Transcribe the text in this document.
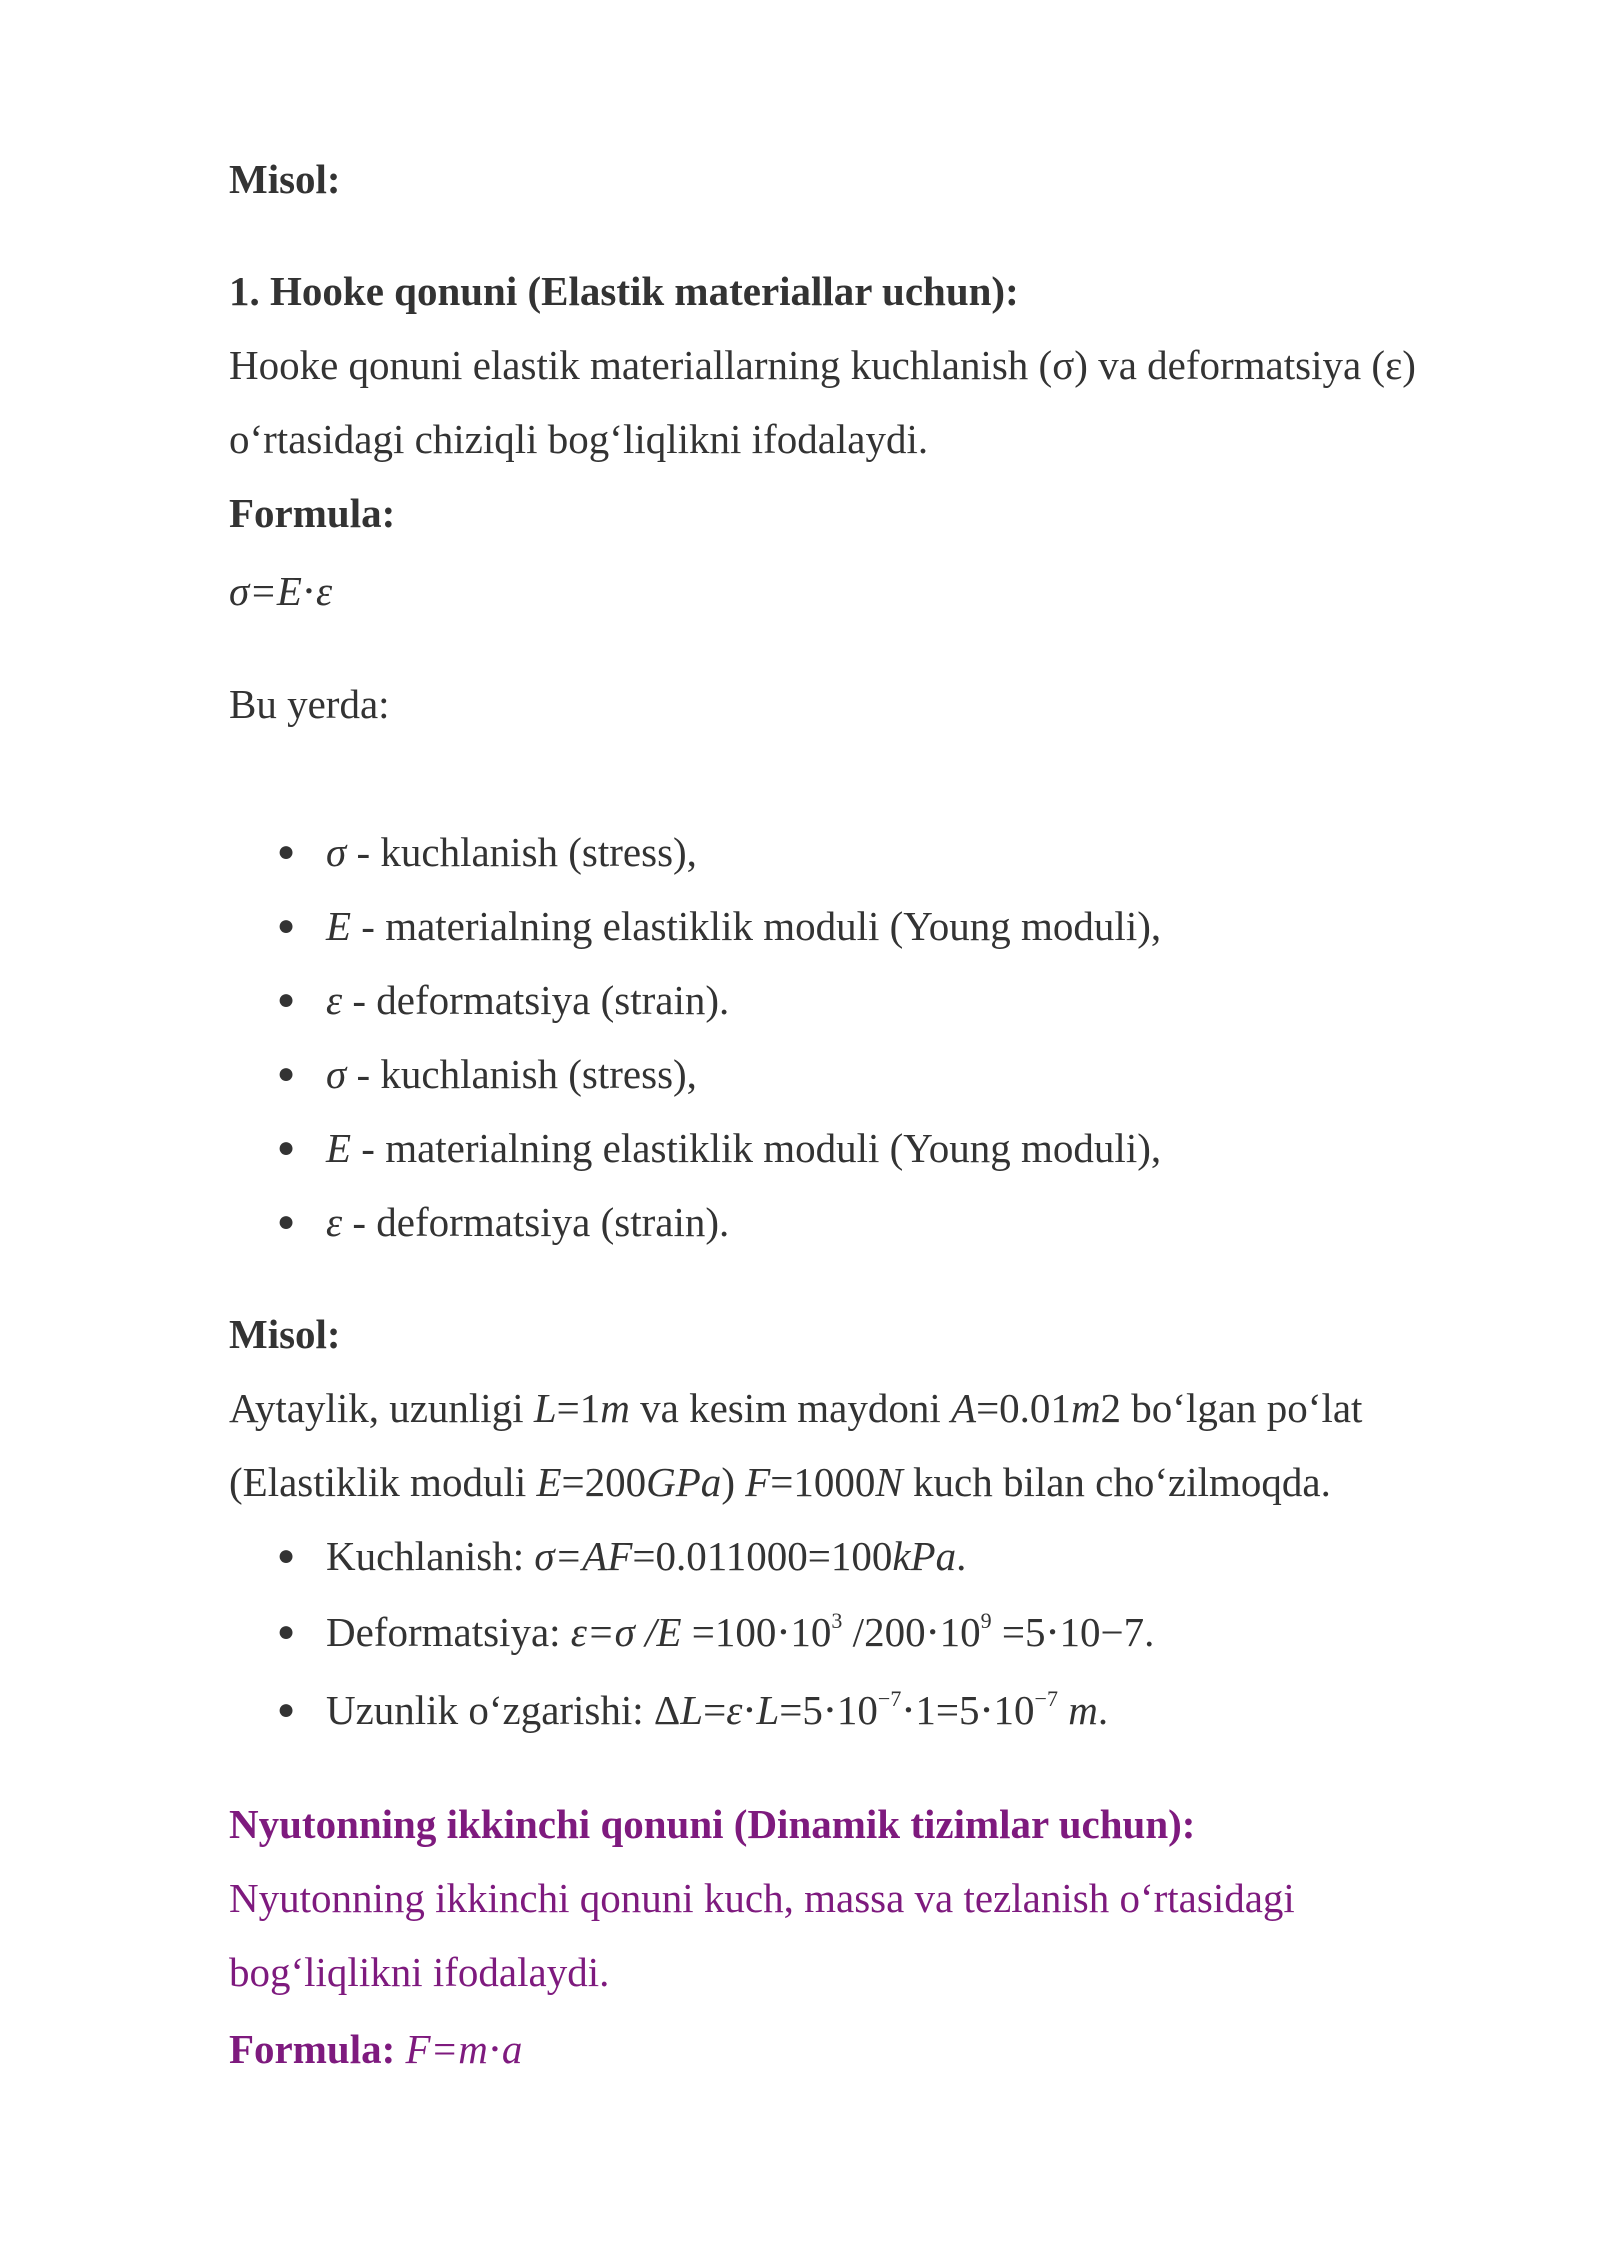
Misol:

1. Hooke qonuni (Elastik materiallar uchun):

Hooke qonuni elastik materiallarning kuchlanish (σ) va deformatsiya (ε)

o‘rtasidagi chiziqli bog‘liqlikni ifodalaydi.

Formula:

σ=E⋅ε

Bu yerda:

● σ - kuchlanish (stress),
● E - materialning elastiklik moduli (Young moduli),
● ε - deformatsiya (strain).
● σ - kuchlanish (stress),
● E - materialning elastiklik moduli (Young moduli),
● ε - deformatsiya (strain).

Misol:

Aytaylik, uzunligi L=1m va kesim maydoni A=0.01m2 bo‘lgan po‘lat

(Elastiklik moduli E=200GPa) F=1000N kuch bilan cho‘zilmoqda.

● Kuchlanish: σ=AF=0.011000=100kPa.
● Deformatsiya: ε=σ $/E =100\cdot 10^3$ $/200\cdot 10^9 =5\cdot 10-7$.
● Uzunlik o‘zgarishi: $\Delta L=\varepsilon\cdot L=5\cdot 10^{-7}\cdot 1=5\cdot 10^{-7}$ m.

Nyutonning ikkinchi qonuni (Dinamik tizimlar uchun):

Nyutonning ikkinchi qonuni kuch, massa va tezlanish o‘rtasidagi

bog‘liqlikni ifodalaydi.

Formula: F=m⋅a
